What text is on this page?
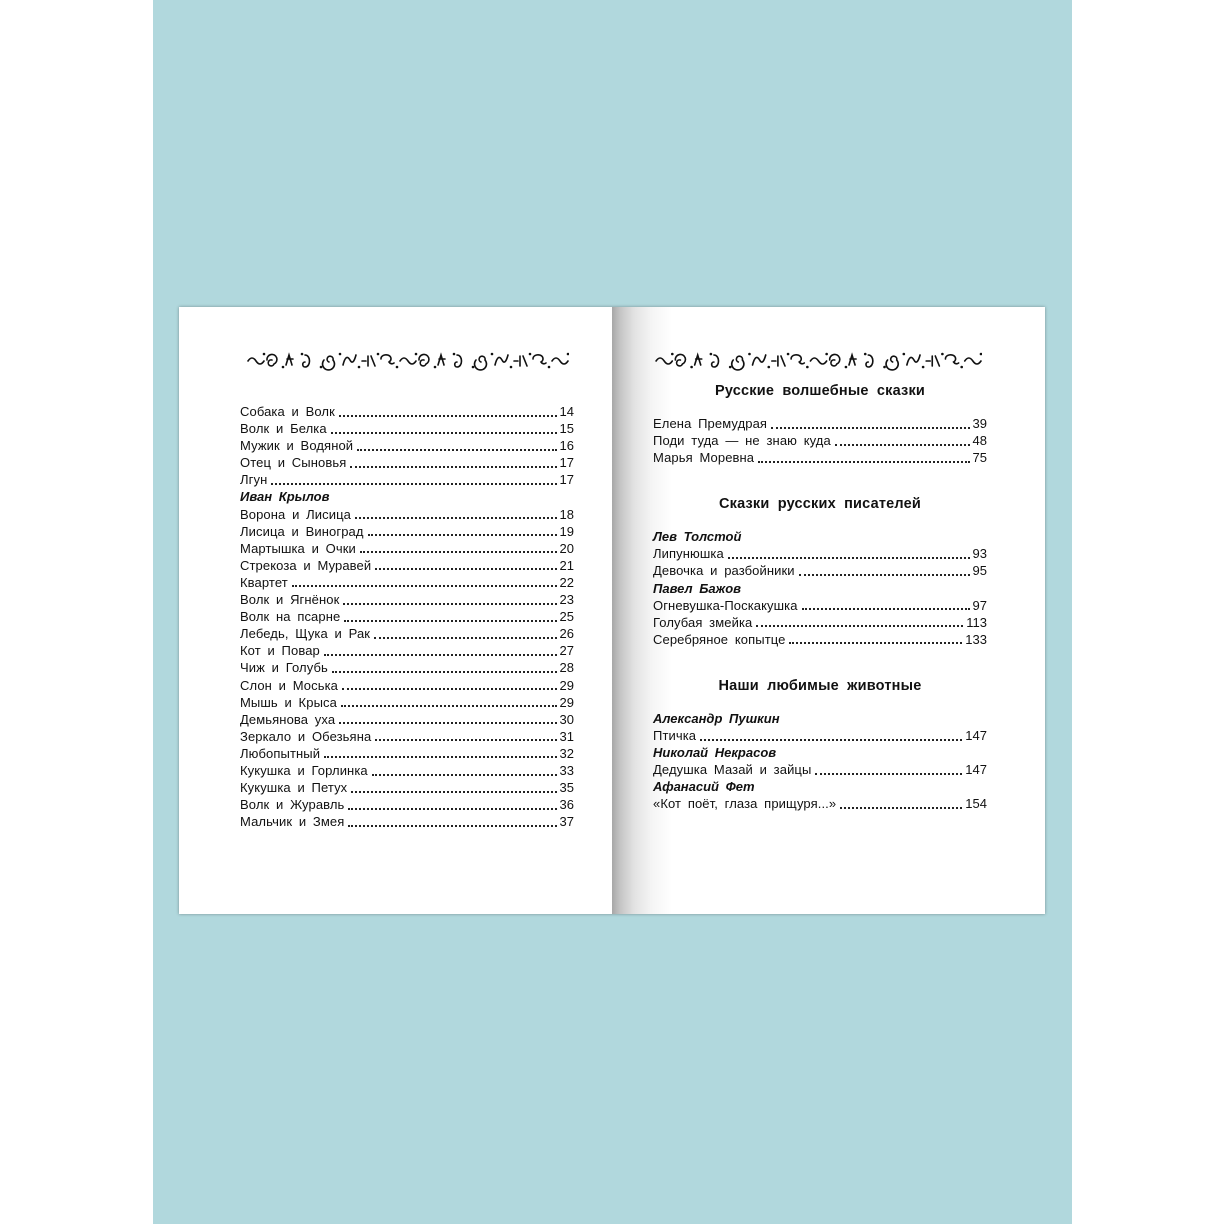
Собака и Волк	14
Волк и Белка	15
Мужик и Водяной	16
Отец и Сыновья	17
Лгун	17
Иван Крылов
Ворона и Лисица	18
Лисица и Виноград	19
Мартышка и Очки	20
Стрекоза и Муравей	21
Квартет	22
Волк и Ягнёнок	23
Волк на псарне	25
Лебедь, Щука и Рак	26
Кот и Повар	27
Чиж и Голубь	28
Слон и Моська	29
Мышь и Крыса	29
Демьянова уха	30
Зеркало и Обезьяна	31
Любопытный	32
Кукушка и Горлинка	33
Кукушка и Петух	35
Волк и Журавль	36
Мальчик и Змея	37
Русские волшебные сказки
Елена Премудрая	39
Поди туда — не знаю куда	48
Марья Моревна	75
Сказки русских писателей
Лев Толстой
Липунюшка	93
Девочка и разбойники	95
Павел Бажов
Огневушка-Поскакушка	97
Голубая змейка	113
Серебряное копытце	133
Наши любимые животные
Александр Пушкин
Птичка	147
Николай Некрасов
Дедушка Мазай и зайцы	147
Афанасий Фет
«Кот поёт, глаза прищуря...»	154
